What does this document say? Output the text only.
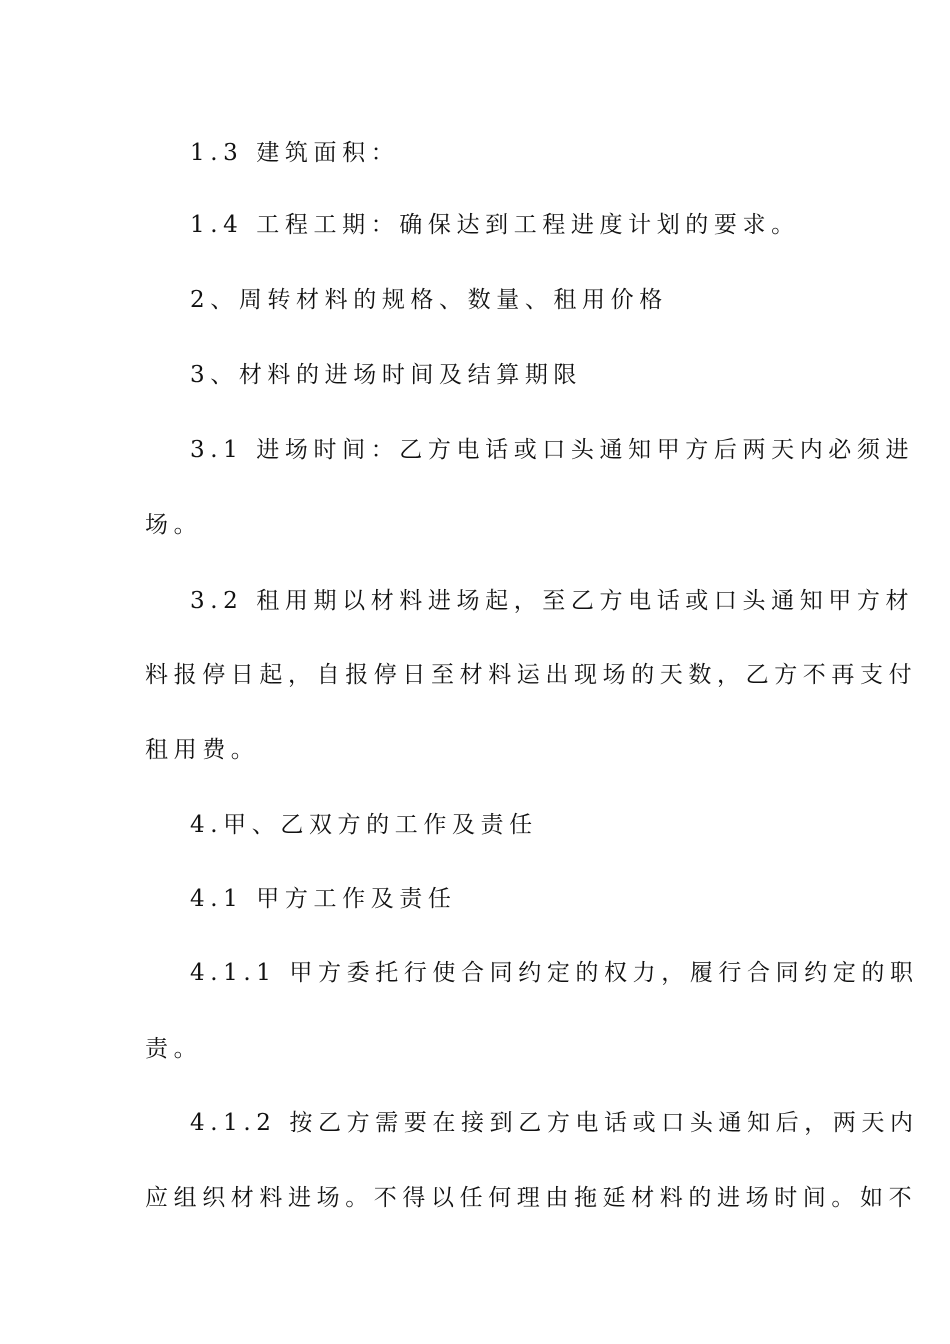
1.3 建筑面积：

1.4 工程工期：确保达到工程进度计划的要求。

2、周转材料的规格、数量、租用价格

3、材料的进场时间及结算期限

3.1 进场时间：乙方电话或口头通知甲方后两天内必须进

场。

3.2 租用期以材料进场起，至乙方电话或口头通知甲方材

料报停日起，自报停日至材料运出现场的天数，乙方不再支付

租用费。

4.甲、乙双方的工作及责任

4.1 甲方工作及责任

4.1.1 甲方委托行使合同约定的权力，履行合同约定的职

责。

4.1.2 按乙方需要在接到乙方电话或口头通知后，两天内

应组织材料进场。不得以任何理由拖延材料的进场时间。如不
